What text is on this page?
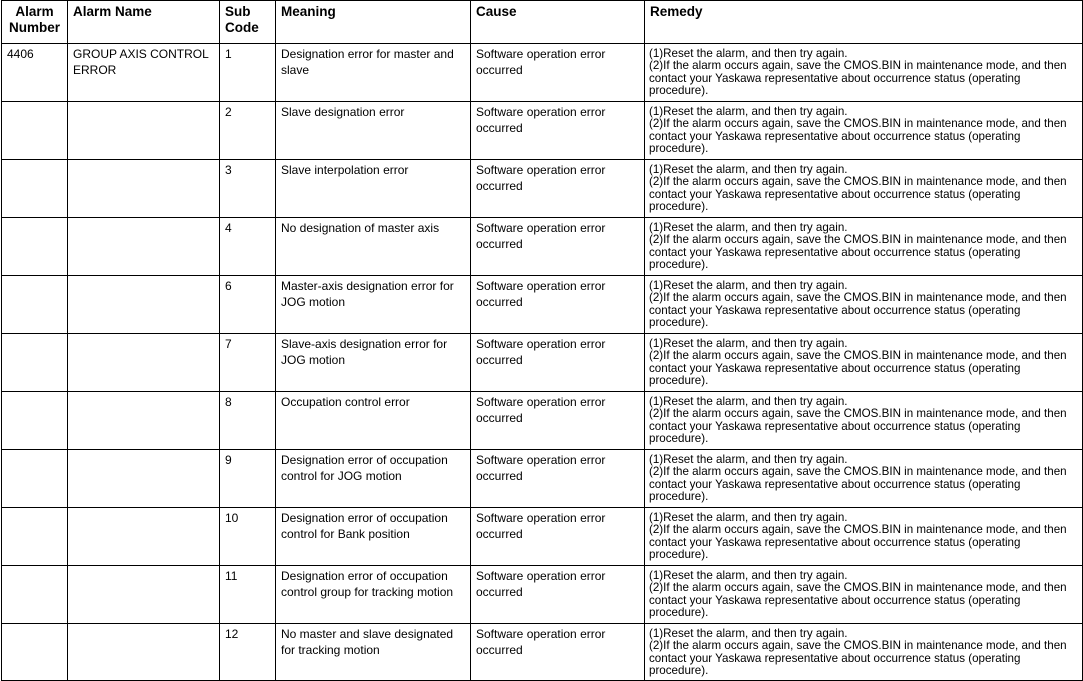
Alarm Number	Alarm Name	Sub Code	Meaning	Cause	Remedy
4406	GROUP AXIS CONTROL ERROR	1	Designation error for master and slave	Software operation error occurred	(1)Reset the alarm, and then try again.
(2)If the alarm occurs again, save the CMOS.BIN in maintenance mode, and then contact your Yaskawa representative about occurrence status (operating procedure).

		2	Slave designation error	Software operation error occurred	(1)Reset the alarm, and then try again.
(2)If the alarm occurs again, save the CMOS.BIN in maintenance mode, and then contact your Yaskawa representative about occurrence status (operating procedure).

		3	Slave interpolation error	Software operation error occurred	(1)Reset the alarm, and then try again.
(2)If the alarm occurs again, save the CMOS.BIN in maintenance mode, and then contact your Yaskawa representative about occurrence status (operating procedure).

		4	No designation of master axis	Software operation error occurred	(1)Reset the alarm, and then try again.
(2)If the alarm occurs again, save the CMOS.BIN in maintenance mode, and then contact your Yaskawa representative about occurrence status (operating procedure).

		6	Master-axis designation error for JOG motion	Software operation error occurred	(1)Reset the alarm, and then try again.
(2)If the alarm occurs again, save the CMOS.BIN in maintenance mode, and then contact your Yaskawa representative about occurrence status (operating procedure).

		7	Slave-axis designation error for JOG motion	Software operation error occurred	(1)Reset the alarm, and then try again.
(2)If the alarm occurs again, save the CMOS.BIN in maintenance mode, and then contact your Yaskawa representative about occurrence status (operating procedure).

		8	Occupation control error	Software operation error occurred	(1)Reset the alarm, and then try again.
(2)If the alarm occurs again, save the CMOS.BIN in maintenance mode, and then contact your Yaskawa representative about occurrence status (operating procedure).

		9	Designation error of occupation control for JOG motion	Software operation error occurred	(1)Reset the alarm, and then try again.
(2)If the alarm occurs again, save the CMOS.BIN in maintenance mode, and then contact your Yaskawa representative about occurrence status (operating procedure).

		10	Designation error of occupation control for Bank position	Software operation error occurred	(1)Reset the alarm, and then try again.
(2)If the alarm occurs again, save the CMOS.BIN in maintenance mode, and then contact your Yaskawa representative about occurrence status (operating procedure).

		11	Designation error of occupation control group for tracking motion	Software operation error occurred	(1)Reset the alarm, and then try again.
(2)If the alarm occurs again, save the CMOS.BIN in maintenance mode, and then contact your Yaskawa representative about occurrence status (operating procedure).

		12	No master and slave designated for tracking motion	Software operation error occurred	(1)Reset the alarm, and then try again.
(2)If the alarm occurs again, save the CMOS.BIN in maintenance mode, and then contact your Yaskawa representative about occurrence status (operating procedure).
